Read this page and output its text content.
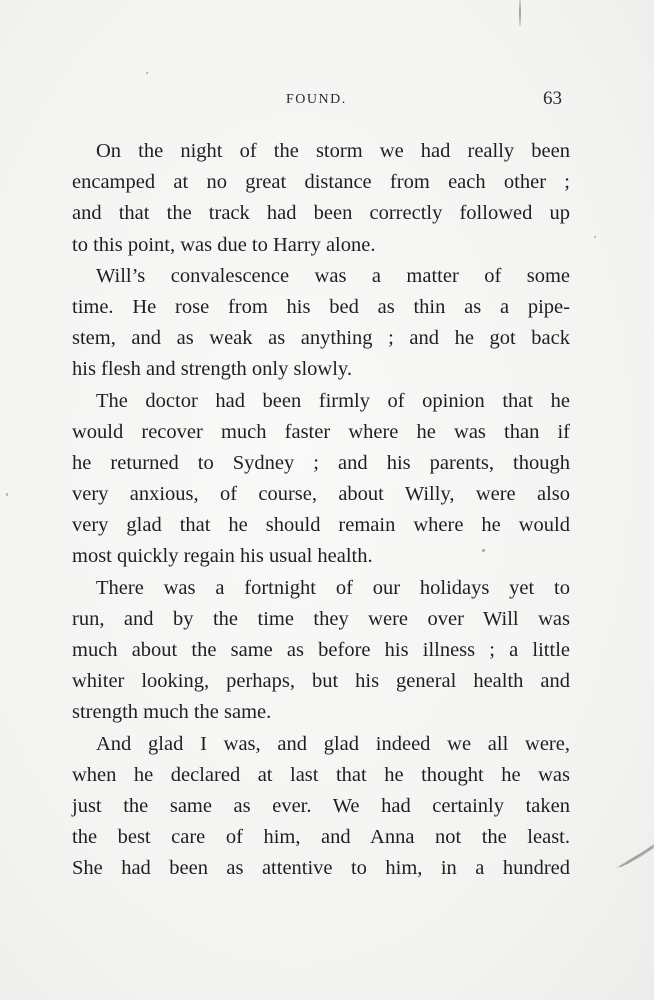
FOUND.	63

On the night of the storm we had really been
encamped at no great distance from each other ;
and that the track had been correctly followed up
to this point, was due to Harry alone.

Will’s convalescence was a matter of some
time. He rose from his bed as thin as a pipe-
stem, and as weak as anything ; and he got back
his flesh and strength only slowly.

The doctor had been firmly of opinion that he
would recover much faster where he was than if
he returned to Sydney ; and his parents, though
very anxious, of course, about Willy, were also
very glad that he should remain where he would
most quickly regain his usual health.

There was a fortnight of our holidays yet to
run, and by the time they were over Will was
much about the same as before his illness ; a little
whiter looking, perhaps, but his general health and
strength much the same.

And glad I was, and glad indeed we all were,
when he declared at last that he thought he was
just the same as ever. We had certainly taken
the best care of him, and Anna not the least.
She had been as attentive to him, in a hundred
